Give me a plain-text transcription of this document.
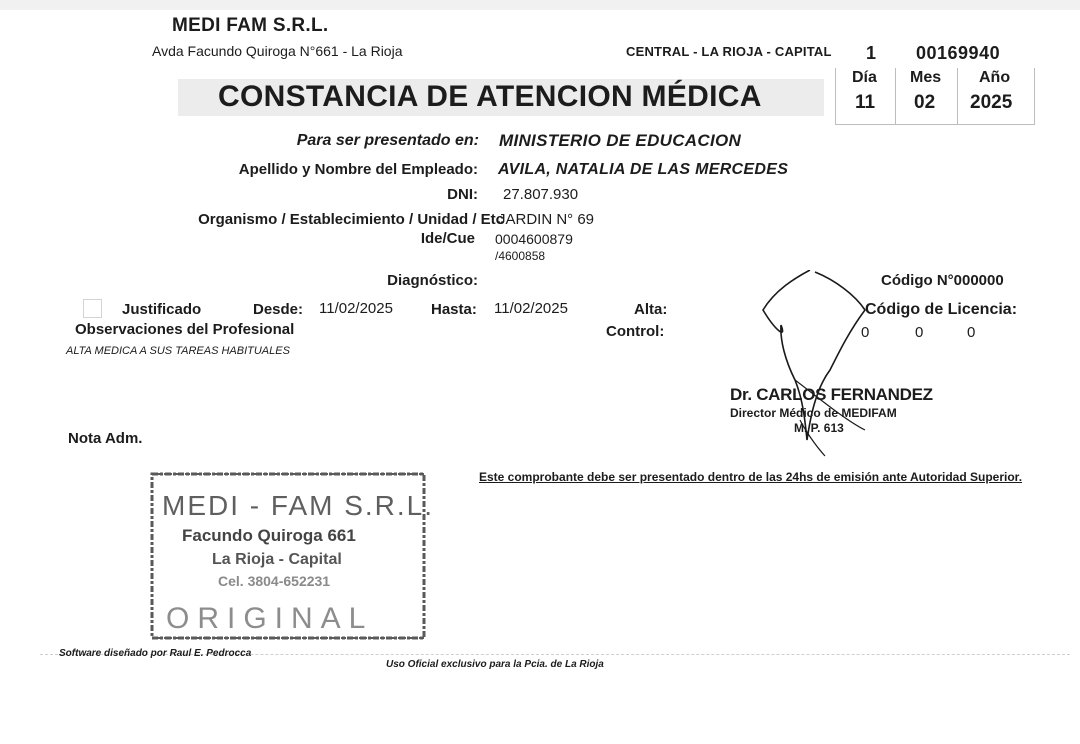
MEDI FAM S.R.L.
Avda Facundo Quiroga N°661 - La Rioja	CENTRAL - LA RIOJA - CAPITAL 1 00169940
CONSTANCIA DE ATENCION MÉDICA
Día Mes Año
11 02 2025
Para ser presentado en: MINISTERIO DE EDUCACION
Apellido y Nombre del Empleado: AVILA, NATALIA DE LAS MERCEDES
DNI: 27.807.930
Organismo / Establecimiento / Unidad / Etc
JARDIN N° 69
Ide/Cue 0004600879
/4600858
Diagnóstico:	Código N°000000
Justificado	Desde: 11/02/2025	Hasta: 11/02/2025	Alta:	Código de Licencia:
Observaciones del Profesional	Control:	0	0	0
ALTA MEDICA A SUS TAREAS HABITUALES
Nota Adm.
Dr. CARLOS FERNANDEZ
Director Médico de MEDIFAM
M. P. 613
Este comprobante debe ser presentado dentro de las 24hs de emisión ante Autoridad Superior.
MEDI - FAM S.R.L.
Facundo Quiroga 661
La Rioja - Capital
Cel. 3804-652231
ORIGINAL
Software diseñado por Raul E. Pedrocca
Uso Oficial exclusivo para la Pcia. de La Rioja
